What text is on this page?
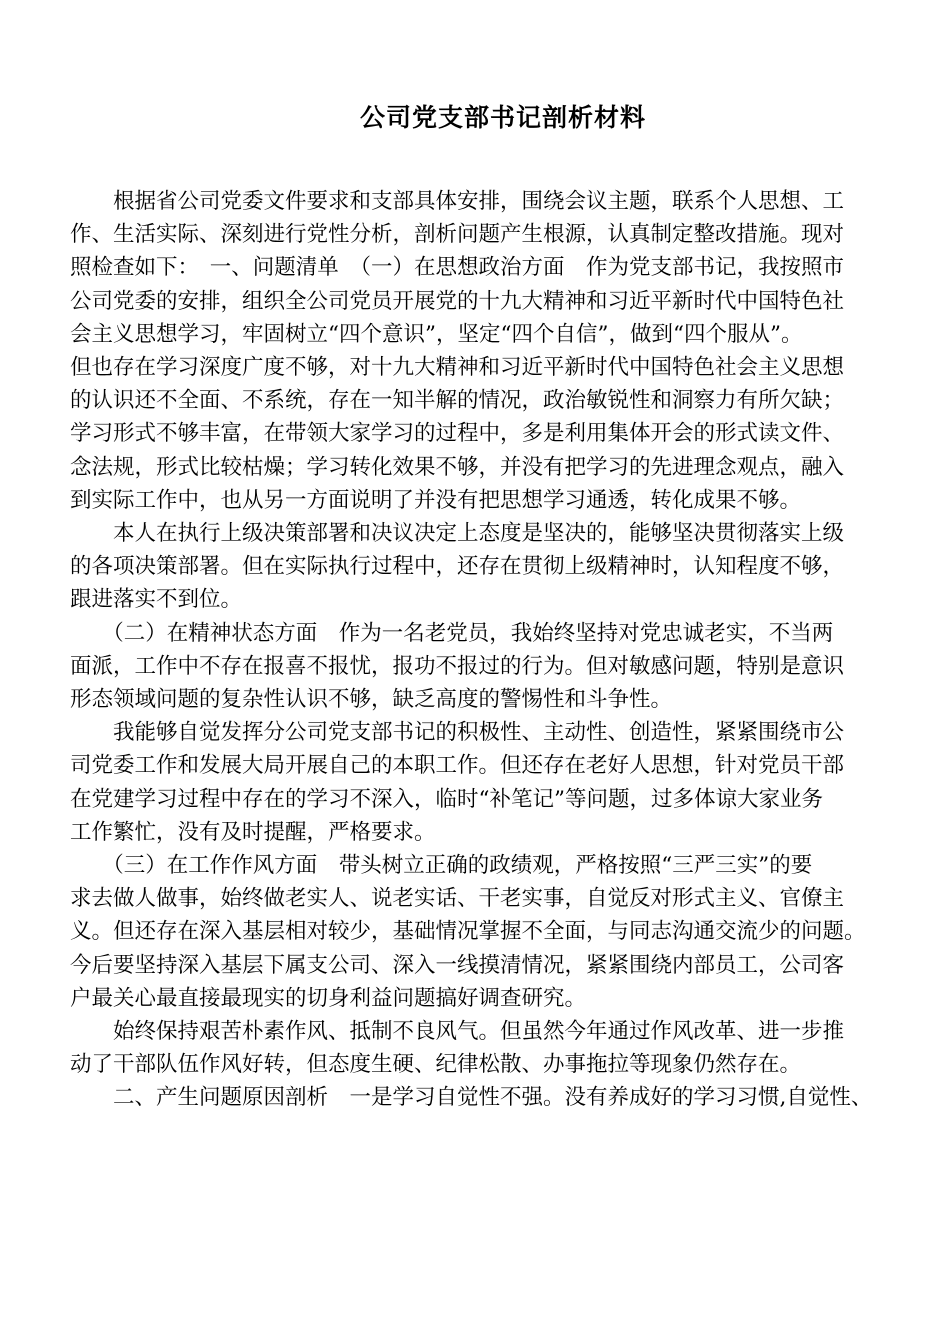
公司党支部书记剖析材料
　　根据省公司党委文件要求和支部具体安排，围绕会议主题，联系个人思想、工
作、生活实际、深刻进行党性分析，剖析问题产生根源，认真制定整改措施。现对
照检查如下：　一、问题清单　（一）在思想政治方面　作为党支部书记，我按照市
公司党委的安排，组织全公司党员开展党的十九大精神和习近平新时代中国特色社
会主义思想学习，牢固树立“四个意识”，坚定“四个自信”，做到“四个服从”。
但也存在学习深度广度不够，对十九大精神和习近平新时代中国特色社会主义思想
的认识还不全面、不系统，存在一知半解的情况，政治敏锐性和洞察力有所欠缺；
学习形式不够丰富，在带领大家学习的过程中，多是利用集体开会的形式读文件、
念法规，形式比较枯燥；学习转化效果不够，并没有把学习的先进理念观点，融入
到实际工作中，也从另一方面说明了并没有把思想学习通透，转化成果不够。
　　本人在执行上级决策部署和决议决定上态度是坚决的，能够坚决贯彻落实上级
的各项决策部署。但在实际执行过程中，还存在贯彻上级精神时，认知程度不够，
跟进落实不到位。
　　（二）在精神状态方面　作为一名老党员，我始终坚持对党忠诚老实，不当两
面派，工作中不存在报喜不报忧，报功不报过的行为。但对敏感问题，特别是意识
形态领域问题的复杂性认识不够，缺乏高度的警惕性和斗争性。
　　我能够自觉发挥分公司党支部书记的积极性、主动性、创造性，紧紧围绕市公
司党委工作和发展大局开展自己的本职工作。但还存在老好人思想，针对党员干部
在党建学习过程中存在的学习不深入，临时“补笔记”等问题，过多体谅大家业务
工作繁忙，没有及时提醒，严格要求。
　　（三）在工作作风方面　带头树立正确的政绩观，严格按照“三严三实”的要
求去做人做事，始终做老实人、说老实话、干老实事，自觉反对形式主义、官僚主
义。但还存在深入基层相对较少，基础情况掌握不全面，与同志沟通交流少的问题。
今后要坚持深入基层下属支公司、深入一线摸清情况，紧紧围绕内部员工，公司客
户最关心最直接最现实的切身利益问题搞好调查研究。
　　始终保持艰苦朴素作风、抵制不良风气。但虽然今年通过作风改革、进一步推
动了干部队伍作风好转，但态度生硬、纪律松散、办事拖拉等现象仍然存在。
　　二、产生问题原因剖析　一是学习自觉性不强。没有养成好的学习习惯,自觉性、
